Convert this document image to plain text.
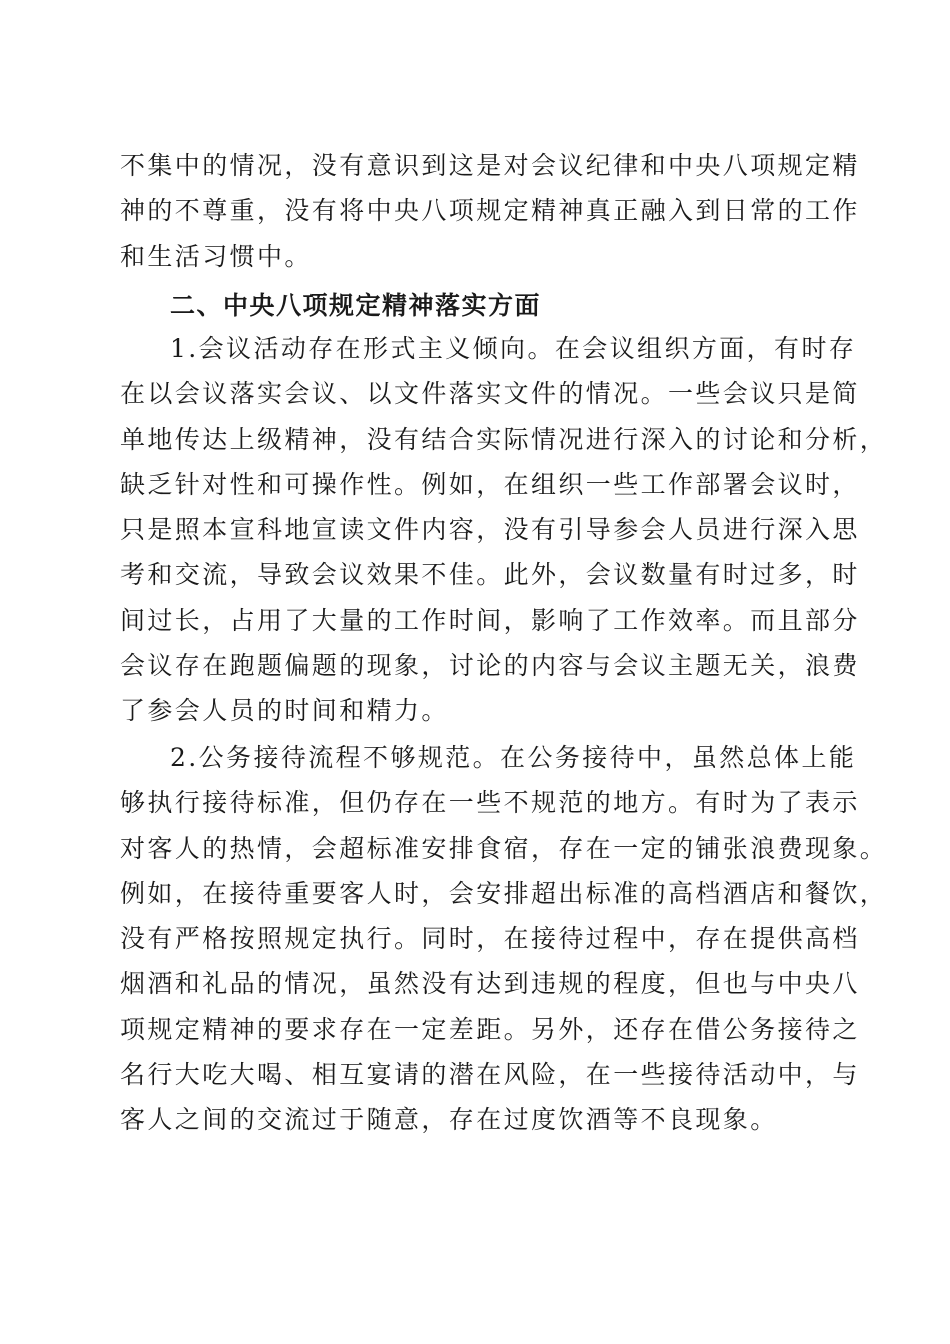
不集中的情况，没有意识到这是对会议纪律和中央八项规定精
神的不尊重，没有将中央八项规定精神真正融入到日常的工作
和生活习惯中。
二、中央八项规定精神落实方面
1.会议活动存在形式主义倾向。在会议组织方面，有时存
在以会议落实会议、以文件落实文件的情况。一些会议只是简
单地传达上级精神，没有结合实际情况进行深入的讨论和分析，
缺乏针对性和可操作性。例如，在组织一些工作部署会议时，
只是照本宣科地宣读文件内容，没有引导参会人员进行深入思
考和交流，导致会议效果不佳。此外，会议数量有时过多，时
间过长，占用了大量的工作时间，影响了工作效率。而且部分
会议存在跑题偏题的现象，讨论的内容与会议主题无关，浪费
了参会人员的时间和精力。
2.公务接待流程不够规范。在公务接待中，虽然总体上能
够执行接待标准，但仍存在一些不规范的地方。有时为了表示
对客人的热情，会超标准安排食宿，存在一定的铺张浪费现象。
例如，在接待重要客人时，会安排超出标准的高档酒店和餐饮，
没有严格按照规定执行。同时，在接待过程中，存在提供高档
烟酒和礼品的情况，虽然没有达到违规的程度，但也与中央八
项规定精神的要求存在一定差距。另外，还存在借公务接待之
名行大吃大喝、相互宴请的潜在风险，在一些接待活动中，与
客人之间的交流过于随意，存在过度饮酒等不良现象。
